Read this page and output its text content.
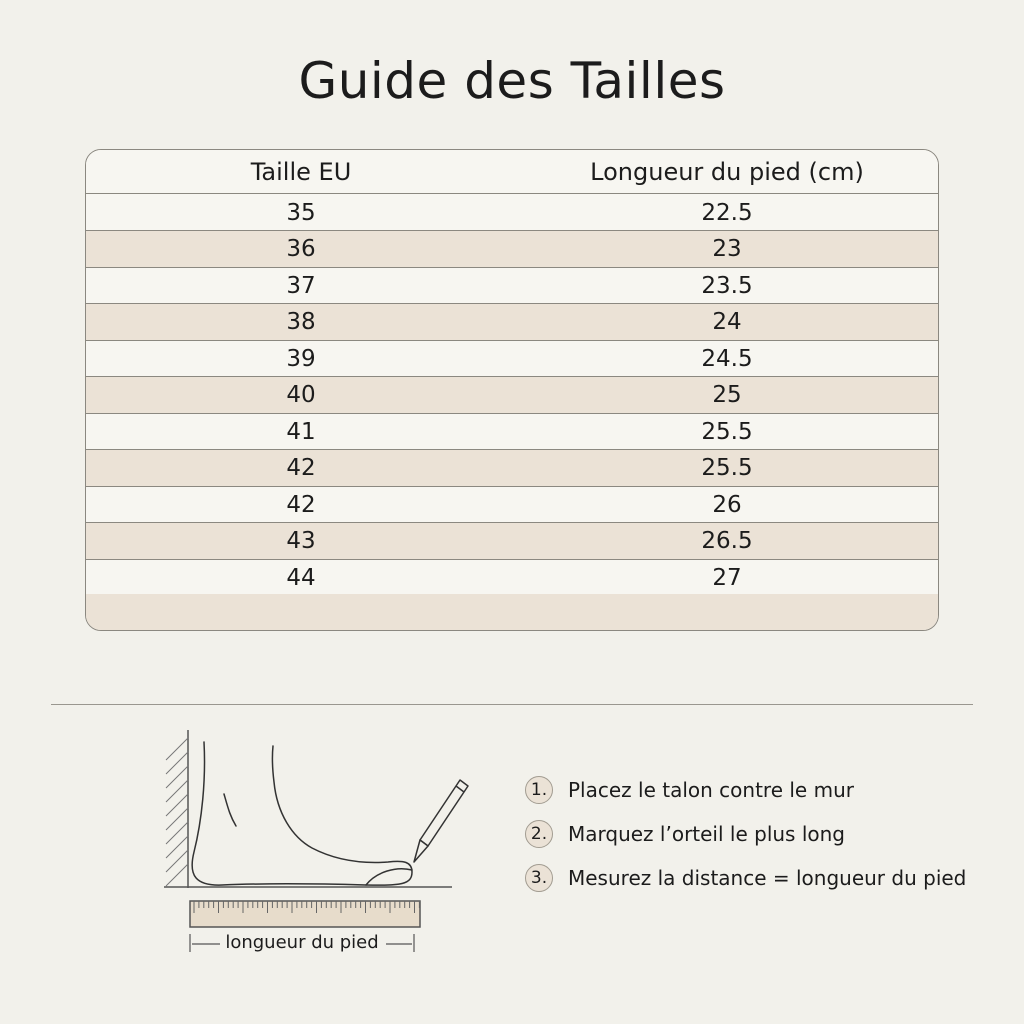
Guide des Tailles
Taille EU	Longueur du pied (cm)
35	22.5
36	23
37	23.5
38	24
39	24.5
40	25
41	25.5
42	25.5
42	26
43	26.5
44	27
longueur du pied
1. Placez le talon contre le mur
2. Marquez l’orteil le plus long
3. Mesurez la distance = longueur du pied
